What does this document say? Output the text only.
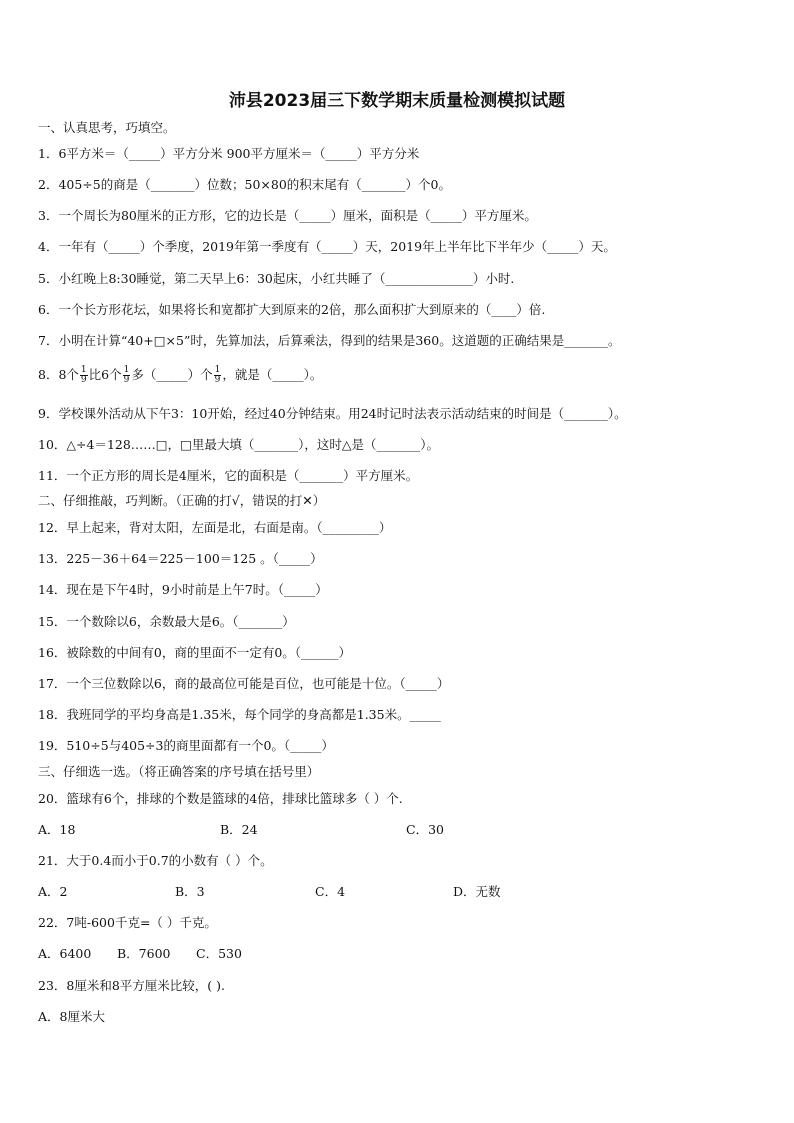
沛县2023届三下数学期末质量检测模拟试题
一、认真思考，巧填空。
1．6平方米＝（_____）平方分米 900平方厘米＝（_____）平方分米
2．405÷5的商是（_______）位数；50×80的积末尾有（_______）个0。
3．一个周长为80厘米的正方形，它的边长是（_____）厘米，面积是（_____）平方厘米。
4．一年有（_____）个季度，2019年第一季度有（_____）天，2019年上半年比下半年少（_____）天。
5．小红晚上8:30睡觉，第二天早上6：30起床，小红共睡了（______________）小时.
6．一个长方形花坛，如果将长和宽都扩大到原来的2倍，那么面积扩大到原来的（____）倍.
7．小明在计算“40+□×5”时，先算加法，后算乘法，得到的结果是360。这道题的正确结果是_______。
8．8个 $\frac{1}{9}$ 比6个 $\frac{1}{9}$ 多（_____）个 $\frac{1}{9}$ ，就是（_____）。
9．学校课外活动从下午3：10开始，经过40分钟结束。用24时记时法表示活动结束的时间是（_______）。
10．△÷4＝128……□，□里最大填（_______），这时△是（_______）。
11．一个正方形的周长是4厘米，它的面积是（_______）平方厘米。
二、仔细推敲，巧判断。（正确的打√，错误的打✕）
12．早上起来，背对太阳，左面是北，右面是南。（_________）
13．225－36＋64＝225－100＝125 。（_____）
14．现在是下午4时，9小时前是上午7时。（_____）
15．一个数除以6，余数最大是6。（_______）
16．被除数的中间有0，商的里面不一定有0。（______）
17．一个三位数除以6，商的最高位可能是百位，也可能是十位。（_____）
18．我班同学的平均身高是1.35米，每个同学的身高都是1.35米。_____
19．510÷5与405÷3的商里面都有一个0。（_____）
三、仔细选一选。（将正确答案的序号填在括号里）
20．篮球有6个，排球的个数是篮球的4倍，排球比篮球多（ ）个.
A．18	B．24	C．30
21．大于0.4而小于0.7的小数有（ ）个。
A．2	B．3	C．4	D．无数
22．7吨-600千克=（ ）千克。
A．6400 B．7600 C．530
23．8厘米和8平方厘米比较，( ).
A．8厘米大
